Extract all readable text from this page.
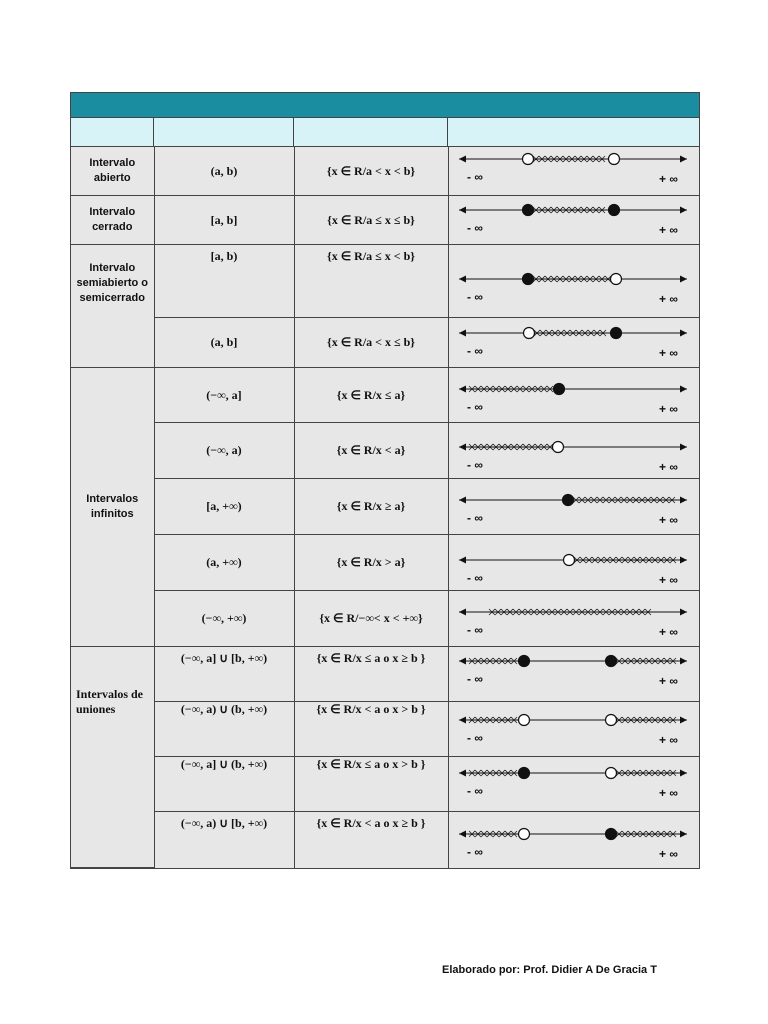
Intervalo abierto	(a, b)	{x ∈ R/a < x < b}	- ∞ + ∞

Intervalo cerrado	[a, b]	{x ∈ R/a ≤ x ≤ b}	- ∞ + ∞

Intervalo semiabierto o semicerrado	[a, b)	{x ∈ R/a ≤ x < b}	- ∞ + ∞

	(a, b]	{x ∈ R/a < x ≤ b}	- ∞ + ∞

Intervalos infinitos	(−∞, a]	{x ∈ R/x ≤ a}	- ∞ + ∞

	(−∞, a)	{x ∈ R/x < a}	- ∞ + ∞

	[a, +∞)	{x ∈ R/x ≥ a}	- ∞ + ∞

	(a, +∞)	{x ∈ R/x > a}	- ∞ + ∞

	(−∞, +∞)	{x ∈ R/−∞< x < +∞}	- ∞ + ∞

Intervalos de uniones	(−∞, a] ∪ [b, +∞)	{x ∈ R/x ≤ a o x ≥ b }	- ∞ + ∞

	(−∞, a) ∪ (b, +∞)	{x ∈ R/x < a o x > b }	- ∞ + ∞

	(−∞, a] ∪ (b, +∞)	{x ∈ R/x ≤ a o x > b }	- ∞ + ∞

	(−∞, a) ∪ [b, +∞)	{x ∈ R/x < a o x ≥ b }	- ∞ + ∞
Elaborado por: Prof. Didier A De Gracia T
